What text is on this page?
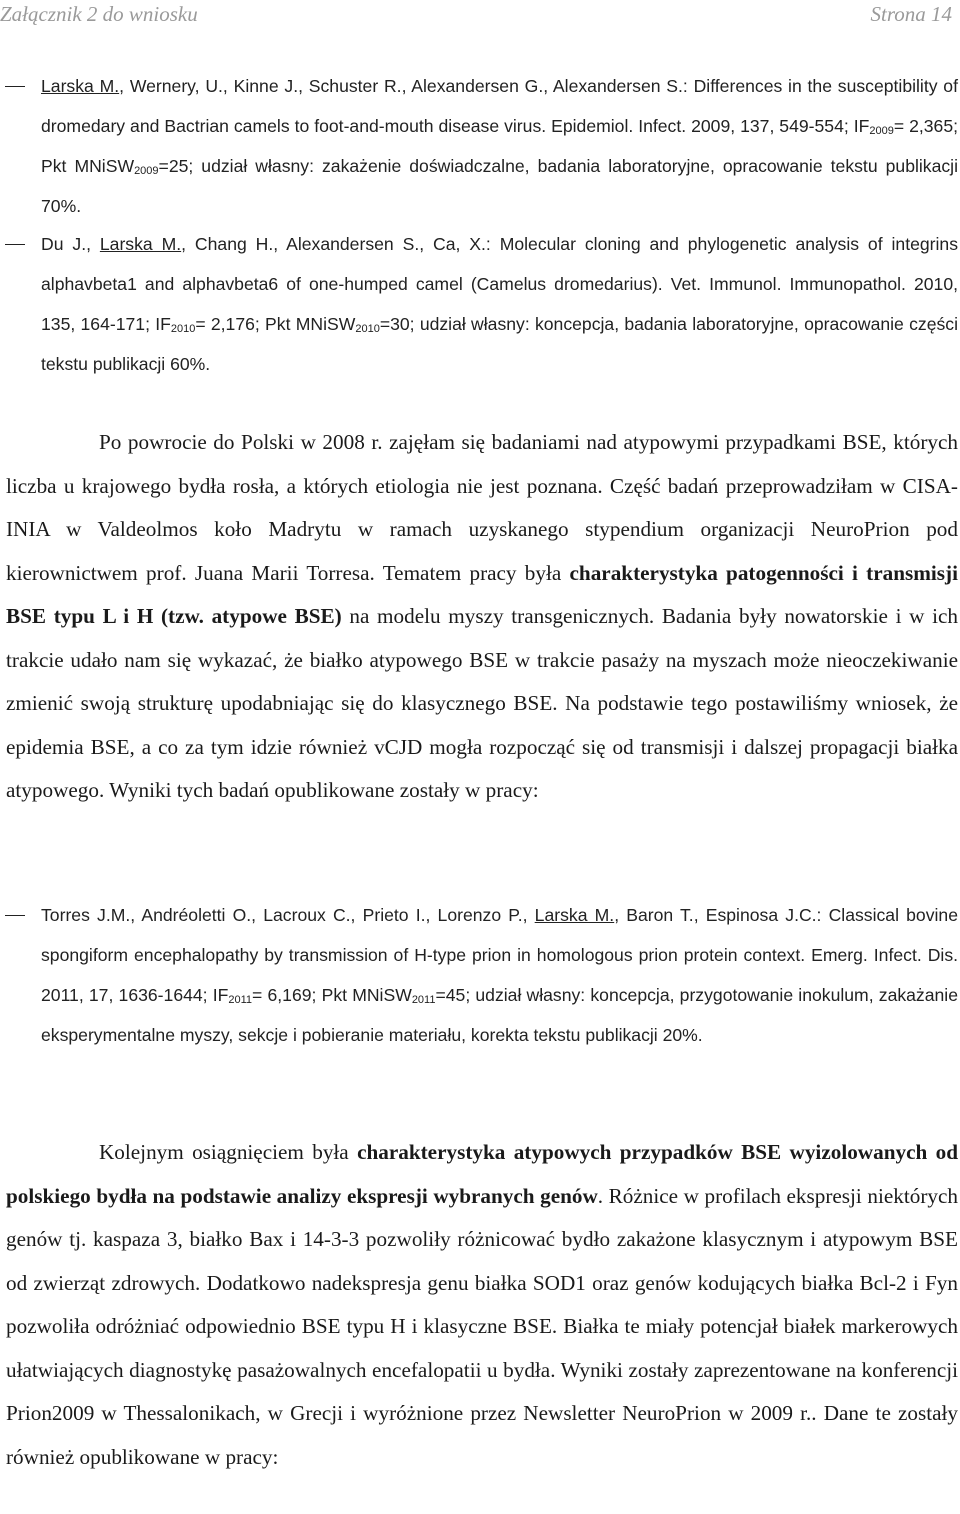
Załącznik 2 do wniosku	Strona 14
Larska M., Wernery, U., Kinne J., Schuster R., Alexandersen G., Alexandersen S.: Differences in the susceptibility of dromedary and Bactrian camels to foot-and-mouth disease virus. Epidemiol. Infect. 2009, 137, 549-554; $IF_{2009}= 2,365$; Pkt MNiSW$_{2009}$=25; udział własny: zakażenie doświadczalne, badania laboratoryjne, opracowanie tekstu publikacji 70%.
Du J., Larska M., Chang H., Alexandersen S., Ca, X.: Molecular cloning and phylogenetic analysis of integrins alphavbeta1 and alphavbeta6 of one-humped camel (Camelus dromedarius). Vet. Immunol. Immunopathol. 2010, 135, 164-171; $IF_{2010}= 2,176$; Pkt MNiSW$_{2010}$=30; udział własny: koncepcja, badania laboratoryjne, opracowanie części tekstu publikacji 60%.
Po powrocie do Polski w 2008 r. zajęłam się badaniami nad atypowymi przypadkami BSE, których liczba u krajowego bydła rosła, a których etiologia nie jest poznana. Część badań przeprowadziłam w CISA-INIA w Valdeolmos koło Madrytu w ramach uzyskanego stypendium organizacji NeuroPrion pod kierownictwem prof. Juana Marii Torresa. Tematem pracy była charakterystyka patogenności i transmisji BSE typu L i H (tzw. atypowe BSE) na modelu myszy transgenicznych. Badania były nowatorskie i w ich trakcie udało nam się wykazać, że białko atypowego BSE w trakcie pasaży na myszach może nieoczekiwanie zmienić swoją strukturę upodabniając się do klasycznego BSE. Na podstawie tego postawiliśmy wniosek, że epidemia BSE, a co za tym idzie również vCJD mogła rozpocząć się od transmisji i dalszej propagacji białka atypowego. Wyniki tych badań opublikowane zostały w pracy:
Torres J.M., Andréoletti O., Lacroux C., Prieto I., Lorenzo P., Larska M., Baron T., Espinosa J.C.: Classical bovine spongiform encephalopathy by transmission of H-type prion in homologous prion protein context. Emerg. Infect. Dis. 2011, 17, 1636-1644; $IF_{2011}= 6,169$; Pkt MNiSW$_{2011}$=45; udział własny: koncepcja, przygotowanie inokulum, zakażanie eksperymentalne myszy, sekcje i pobieranie materiału, korekta tekstu publikacji 20%.
Kolejnym osiągnięciem była charakterystyka atypowych przypadków BSE wyizolowanych od polskiego bydła na podstawie analizy ekspresji wybranych genów. Różnice w profilach ekspresji niektórych genów tj. kaspaza 3, białko Bax i 14-3-3 pozwoliły różnicować bydło zakażone klasycznym i atypowym BSE od zwierząt zdrowych. Dodatkowo nadekspresja genu białka SOD1 oraz genów kodujących białka Bcl-2 i Fyn pozwoliła odróżniać odpowiednio BSE typu H i klasyczne BSE. Białka te miały potencjał białek markerowych ułatwiających diagnostykę pasażowalnych encefalopatii u bydła. Wyniki zostały zaprezentowane na konferencji Prion2009 w Thessalonikach, w Grecji i wyróżnione przez Newsletter NeuroPrion w 2009 r.. Dane te zostały również opublikowane w pracy:
